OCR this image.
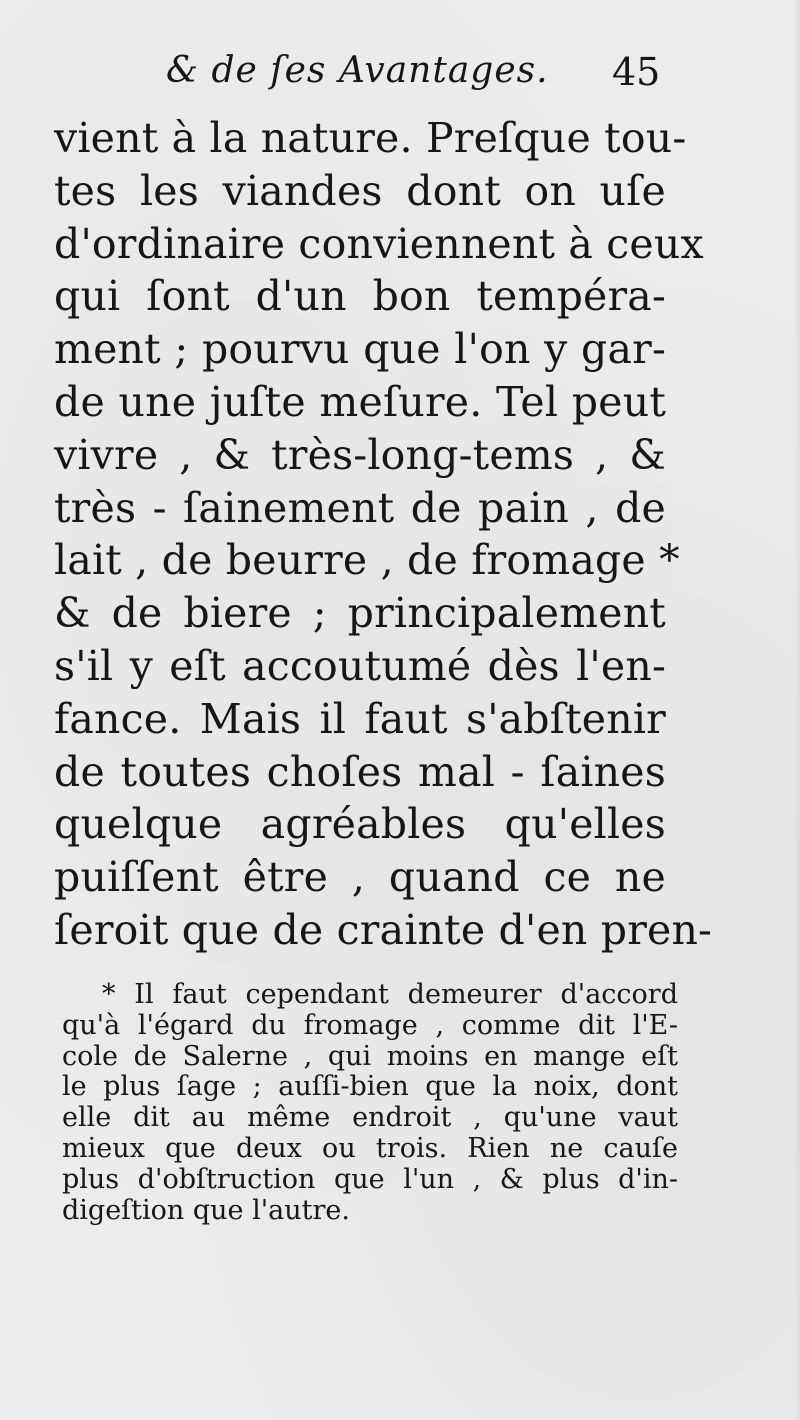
& de ſes Avantages. 45
vient à la nature. Preſque tou-
tes les viandes dont on uſe
d'ordinaire conviennent à ceux
qui ſont d'un bon tempéra-
ment ; pourvu que l'on y gar-
de une juſte meſure. Tel peut
vivre , & très-long-tems , &
très - ſainement de pain , de
lait , de beurre , de fromage *
& de biere ; principalement
s'il y eſt accoutumé dès l'en-
fance. Mais il faut s'abſtenir
de toutes choſes mal - ſaines
quelque agréables qu'elles
puiſſent être , quand ce ne
ſeroit que de crainte d'en pren-
* Il faut cependant demeurer d'accord
qu'à l'égard du fromage , comme dit l'E-
cole de Salerne , qui moins en mange eſt
le plus ſage ; auſſi-bien que la noix, dont
elle dit au même endroit , qu'une vaut
mieux que deux ou trois. Rien ne cauſe
plus d'obſtruction que l'un , & plus d'in-
digeſtion que l'autre.
